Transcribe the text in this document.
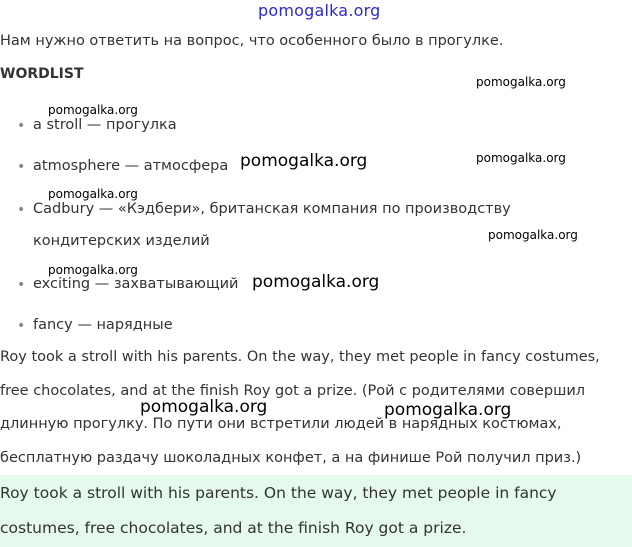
pomogalka.org
Нам нужно ответить на вопрос, что особенного было в прогулке.
WORDLIST	pomogalka.org
pomogalka.org
pomogalka.org
pomogalka.org
pomogalka.org
pomogalka.org
• a stroll — прогулка
• atmosphere — атмосфера
• Cadbury — «Кэдбери», британская компания по производству
кондитерских изделий
• exciting — захватывающий
• fancy — нарядные
pomogalka.org
pomogalka.org
Roy took a stroll with his parents. On the way, they met people in fancy costumes,
free chocolates, and at the finish Roy got a prize. (Рой с родителями совершил
длинную прогулку. По пути они встретили людей в нарядных костюмах,
бесплатную раздачу шоколадных конфет, а на финише Рой получил приз.)
pomogalka.org	pomogalka.org
Roy took a stroll with his parents. On the way, they met people in fancy
costumes, free chocolates, and at the finish Roy got a prize.
